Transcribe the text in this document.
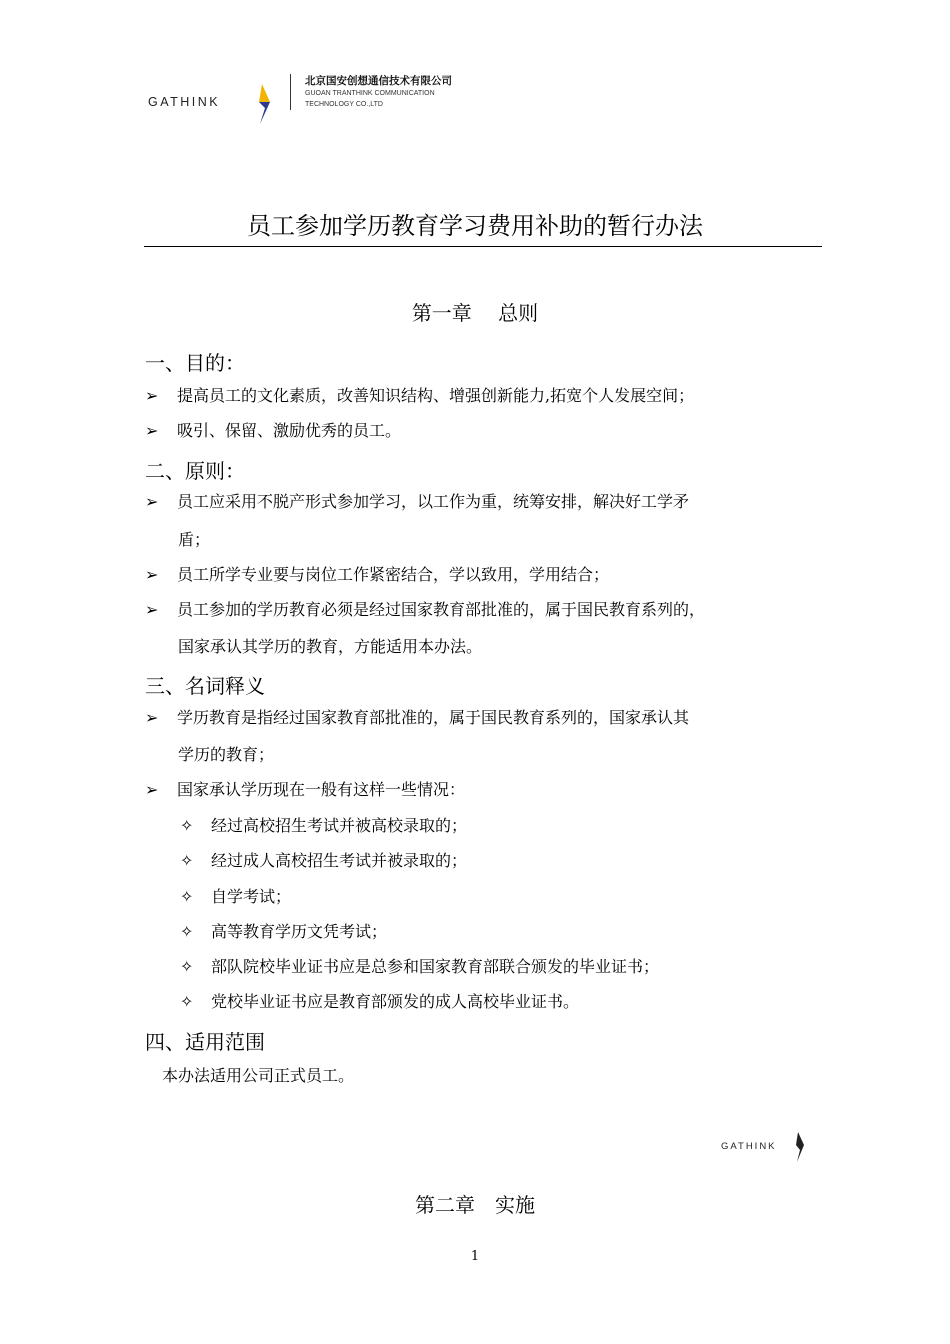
GATHINK
北京国安创想通信技术有限公司
GUOAN TRANTHINK COMMUNICATION
TECHNOLOGY CO.,LTD
员工参加学历教育学习费用补助的暂行办法
第一章　 总则
一、目的：
➢ 提高员工的文化素质，改善知识结构、增强创新能力,拓宽个人发展空间；
➢ 吸引、保留、激励优秀的员工。
二、原则：
➢ 员工应采用不脱产形式参加学习，以工作为重，统筹安排，解决好工学矛
盾；
➢ 员工所学专业要与岗位工作紧密结合，学以致用，学用结合；
➢ 员工参加的学历教育必须是经过国家教育部批准的，属于国民教育系列的，
国家承认其学历的教育，方能适用本办法。
三、名词释义
➢ 学历教育是指经过国家教育部批准的，属于国民教育系列的，国家承认其
学历的教育；
➢ 国家承认学历现在一般有这样一些情况：
✧ 经过高校招生考试并被高校录取的；
✧ 经过成人高校招生考试并被录取的；
✧ 自学考试；
✧ 高等教育学历文凭考试；
✧ 部队院校毕业证书应是总参和国家教育部联合颁发的毕业证书；
✧ 党校毕业证书应是教育部颁发的成人高校毕业证书。
四、适用范围
本办法适用公司正式员工。
GATHINK
第二章　实施
1
